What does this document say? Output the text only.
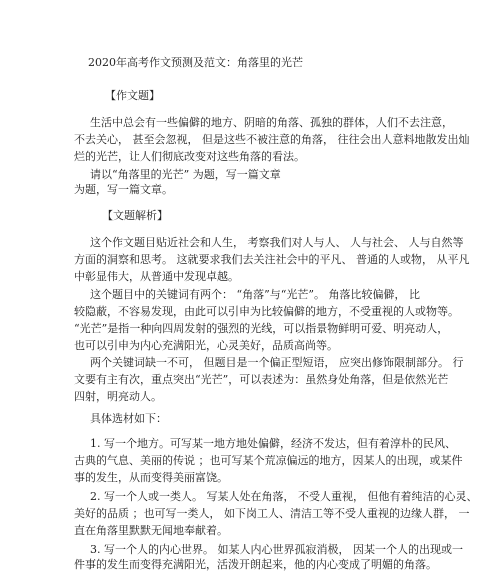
2020年高考作文预测及范文：角落里的光芒
【作文题】
生活中总会有一些偏僻的地方、阴暗的角落、孤独的群体，人们不去注意，
不去关心， 甚至会忽视， 但是这些不被注意的角落， 往往会出人意料地散发出灿
烂的光芒，让人们彻底改变对这些角落的看法。
请以“角落里的光芒” 为题，写一篇文章
为题，写一篇文章。
【文题解析】
这个作文题目贴近社会和人生， 考察我们对人与人、 人与社会、 人与自然等
方面的洞察和思考。 这就要求我们去关注社会中的平凡、 普通的人或物， 从平凡
中彰显伟大，从普通中发现卓越。
这个题目中的关键词有两个： “角落”与“光芒”。 角落比较偏僻， 比
较隐蔽，不容易发现，由此可以引申为比较偏僻的地方，不受重视的人或物等。
“光芒”是指一种向四周发射的强烈的光线，可以指景物鲜明可爱、明亮动人，
也可以引申为内心充满阳光，心灵美好，品质高尚等。
两个关键词缺一不可， 但题目是一个偏正型短语， 应突出修饰限制部分。 行
文要有主有次，重点突出“光芒”，可以表述为：虽然身处角落，但是依然光芒
四射，明亮动人。
具体选材如下：
1. 写一个地方。可写某一地方地处偏僻，经济不发达，但有着淳朴的民风、
古典的气息、美丽的传说 ；也可写某个荒凉偏远的地方，因某人的出现，或某件
事的发生，从而变得美丽富饶。
2. 写一个人或一类人。 写某人处在角落， 不受人重视， 但他有着纯洁的心灵、
美好的品质 ；也可写一类人， 如下岗工人、清洁工等不受人重视的边缘人群， 一
直在角落里默默无闻地奉献着。
3. 写一个人的内心世界。 如某人内心世界孤寂消极， 因某一个人的出现或一
件事的发生而变得充满阳光，活泼开朗起来，他的内心变成了明媚的角落。
